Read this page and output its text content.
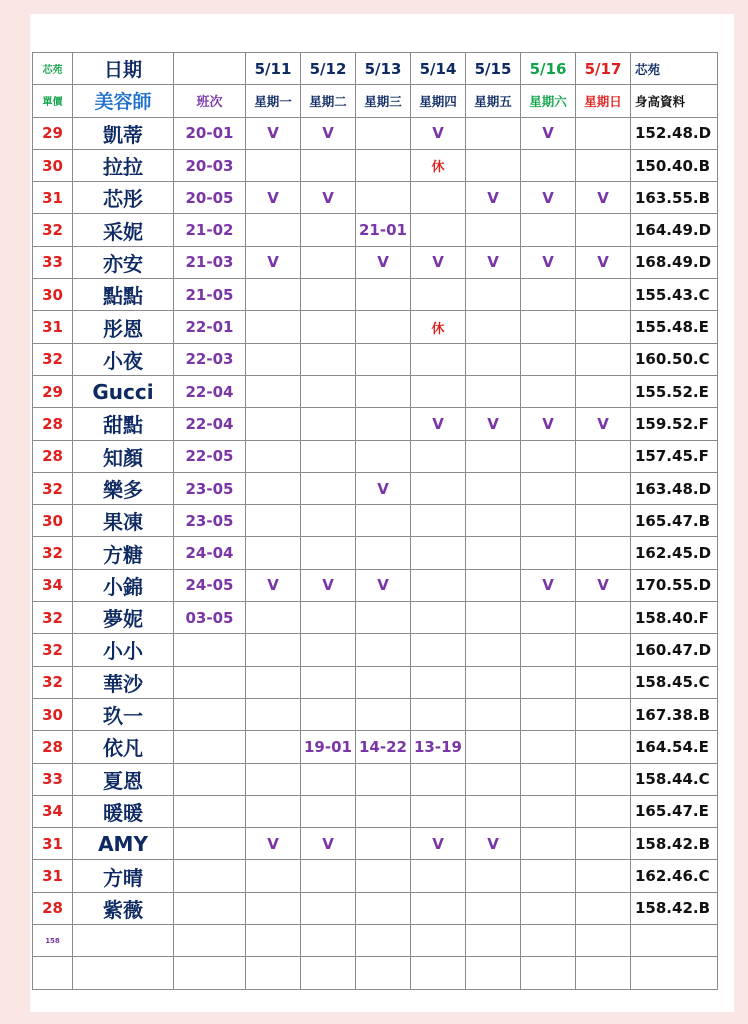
芯苑	日期		5/11	5/12	5/13	5/14	5/15	5/16	5/17	芯苑
單價	美容師	班次	星期一	星期二	星期三	星期四	星期五	星期六	星期日	身高資料
29	凱蒂	20-01	V	V		V		V		152.48.D
30	拉拉	20-03				休				150.40.B
31	芯彤	20-05	V	V			V	V	V	163.55.B
32	采妮	21-02			21-01					164.49.D
33	亦安	21-03	V		V	V	V	V	V	168.49.D
30	點點	21-05								155.43.C
31	彤恩	22-01				休				155.48.E
32	小夜	22-03								160.50.C
29	Gucci	22-04								155.52.E
28	甜點	22-04				V	V	V	V	159.52.F
28	知顏	22-05								157.45.F
32	樂多	23-05			V					163.48.D
30	果凍	23-05								165.47.B
32	方糖	24-04								162.45.D
34	小錦	24-05	V	V	V			V	V	170.55.D
32	夢妮	03-05								158.40.F
32	小小									160.47.D
32	華沙									158.45.C
30	玖一									167.38.B
28	依凡			19-01	14-22	13-19				164.54.E
33	夏恩									158.44.C
34	暖暖									165.47.E
31	AMY		V	V		V	V			158.42.B
31	方晴									162.46.C
28	紫薇									158.42.B
158										
